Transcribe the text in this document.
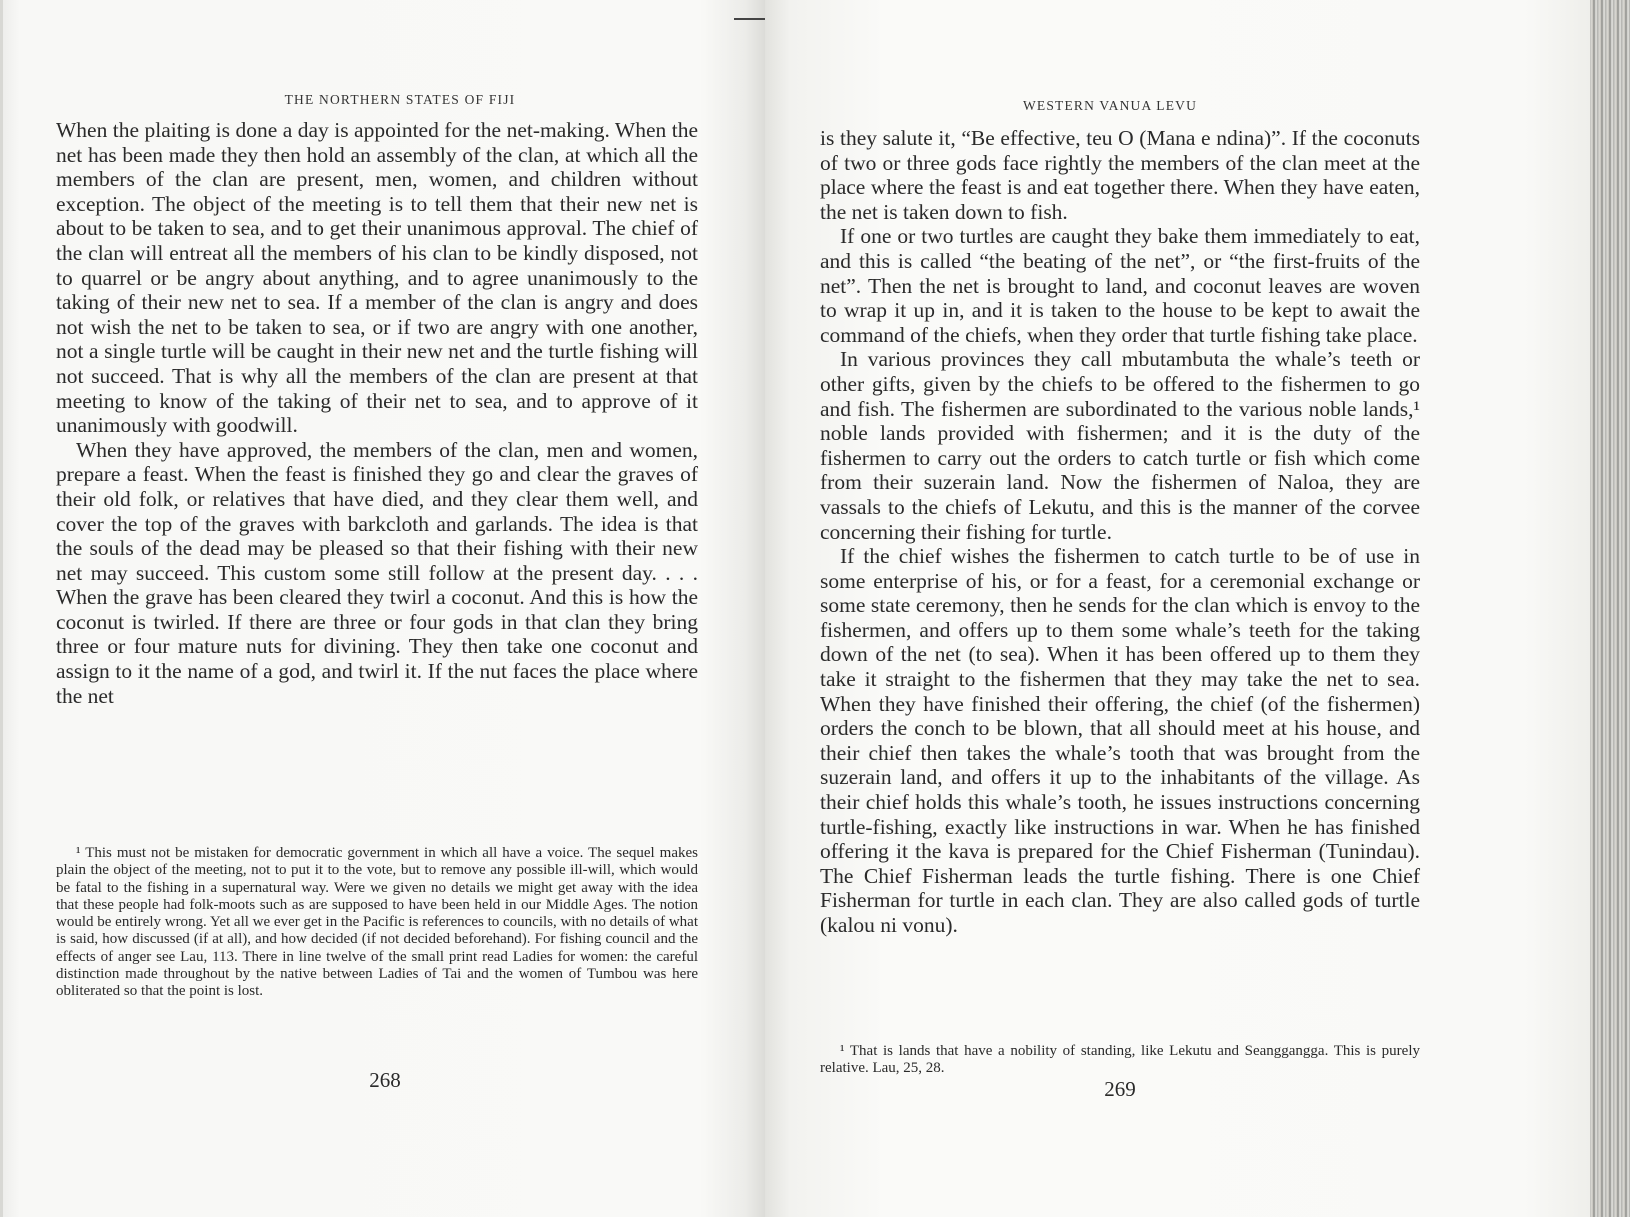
THE NORTHERN STATES OF FIJI

When the plaiting is done a day is appointed for the net-making. When the net has been made they then hold an assembly of the clan, at which all the members of the clan are present, men, women, and children without exception. The object of the meeting is to tell them that their new net is about to be taken to sea, and to get their unanimous approval. The chief of the clan will entreat all the members of his clan to be kindly disposed, not to quarrel or be angry about anything, and to agree unanimously to the taking of their new net to sea. If a member of the clan is angry and does not wish the net to be taken to sea, or if two are angry with one another, not a single turtle will be caught in their new net and the turtle fishing will not succeed. That is why all the members of the clan are present at that meeting to know of the taking of their net to sea, and to approve of it unanimously with goodwill.

When they have approved, the members of the clan, men and women, prepare a feast. When the feast is finished they go and clear the graves of their old folk, or relatives that have died, and they clear them well, and cover the top of the graves with barkcloth and garlands. The idea is that the souls of the dead may be pleased so that their fishing with their new net may succeed. This custom some still follow at the present day. . . . When the grave has been cleared they twirl a coconut. And this is how the coconut is twirled. If there are three or four gods in that clan they bring three or four mature nuts for divining. They then take one coconut and assign to it the name of a god, and twirl it. If the nut faces the place where the net

¹ This must not be mistaken for democratic government in which all have a voice. The sequel makes plain the object of the meeting, not to put it to the vote, but to remove any possible ill-will, which would be fatal to the fishing in a supernatural way. Were we given no details we might get away with the idea that these people had folk-moots such as are supposed to have been held in our Middle Ages. The notion would be entirely wrong. Yet all we ever get in the Pacific is references to councils, with no details of what is said, how discussed (if at all), and how decided (if not decided beforehand). For fishing council and the effects of anger see Lau, 113. There in line twelve of the small print read Ladies for women: the careful distinction made throughout by the native between Ladies of Tai and the women of Tumbou was here obliterated so that the point is lost.

268
WESTERN VANUA LEVU

is they salute it, “Be effective, teu O (Mana e ndina)”. If the coconuts of two or three gods face rightly the members of the clan meet at the place where the feast is and eat together there. When they have eaten, the net is taken down to fish.

If one or two turtles are caught they bake them immediately to eat, and this is called “the beating of the net”, or “the first-fruits of the net”. Then the net is brought to land, and coconut leaves are woven to wrap it up in, and it is taken to the house to be kept to await the command of the chiefs, when they order that turtle fishing take place.

In various provinces they call mbutambuta the whale’s teeth or other gifts, given by the chiefs to be offered to the fishermen to go and fish. The fishermen are subordinated to the various noble lands,¹ noble lands provided with fishermen; and it is the duty of the fishermen to carry out the orders to catch turtle or fish which come from their suzerain land. Now the fishermen of Naloa, they are vassals to the chiefs of Lekutu, and this is the manner of the corvee concerning their fishing for turtle.

If the chief wishes the fishermen to catch turtle to be of use in some enterprise of his, or for a feast, for a ceremonial exchange or some state ceremony, then he sends for the clan which is envoy to the fishermen, and offers up to them some whale’s teeth for the taking down of the net (to sea). When it has been offered up to them they take it straight to the fishermen that they may take the net to sea. When they have finished their offering, the chief (of the fishermen) orders the conch to be blown, that all should meet at his house, and their chief then takes the whale’s tooth that was brought from the suzerain land, and offers it up to the inhabitants of the village. As their chief holds this whale’s tooth, he issues instructions concerning turtle-fishing, exactly like instructions in war. When he has finished offering it the kava is prepared for the Chief Fisherman (Tunindau). The Chief Fisherman leads the turtle fishing. There is one Chief Fisherman for turtle in each clan. They are also called gods of turtle (kalou ni vonu).

¹ That is lands that have a nobility of standing, like Lekutu and Seanggangga. This is purely relative. Lau, 25, 28.

269
